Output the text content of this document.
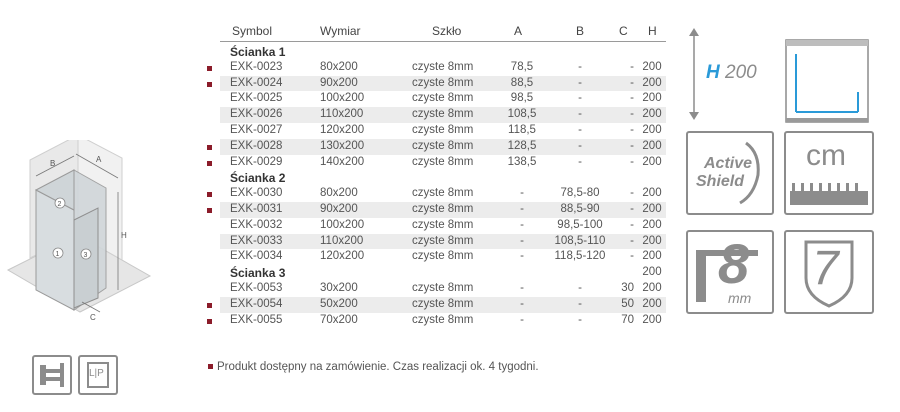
B	A
H
C
2
1	3
L|P
Symbol	Wymiar	Szkło	A	B	C H
Ścianka 1
EXK-0023	80x200	czyste 8mm	78,5	-	- 200
EXK-0024	90x200	czyste 8mm	88,5	-	- 200
EXK-0025	100x200	czyste 8mm	98,5	-	- 200
EXK-0026	110x200	czyste 8mm	108,5	-	- 200
EXK-0027	120x200	czyste 8mm	118,5	-	- 200
EXK-0028	130x200	czyste 8mm	128,5	-	- 200
EXK-0029	140x200	czyste 8mm	138,5	-	- 200
Ścianka 2
EXK-0030	80x200	czyste 8mm	-	78,5-80	- 200
EXK-0031	90x200	czyste 8mm	-	88,5-90	- 200
EXK-0032	100x200	czyste 8mm	-	98,5-100	- 200
EXK-0033	110x200	czyste 8mm	-	108,5-110	- 200
EXK-0034	120x200	czyste 8mm	-	118,5-120	- 200
Ścianka 3	200
EXK-0053	30x200	czyste 8mm	-	-	30 200
EXK-0054	50x200	czyste 8mm	-	-	50 200
EXK-0055	70x200	czyste 8mm	-	-	70 200
H 200
Active
Shield
cm
8
mm
7
Produkt dostępny na zamówienie. Czas realizacji ok. 4 tygodni.
